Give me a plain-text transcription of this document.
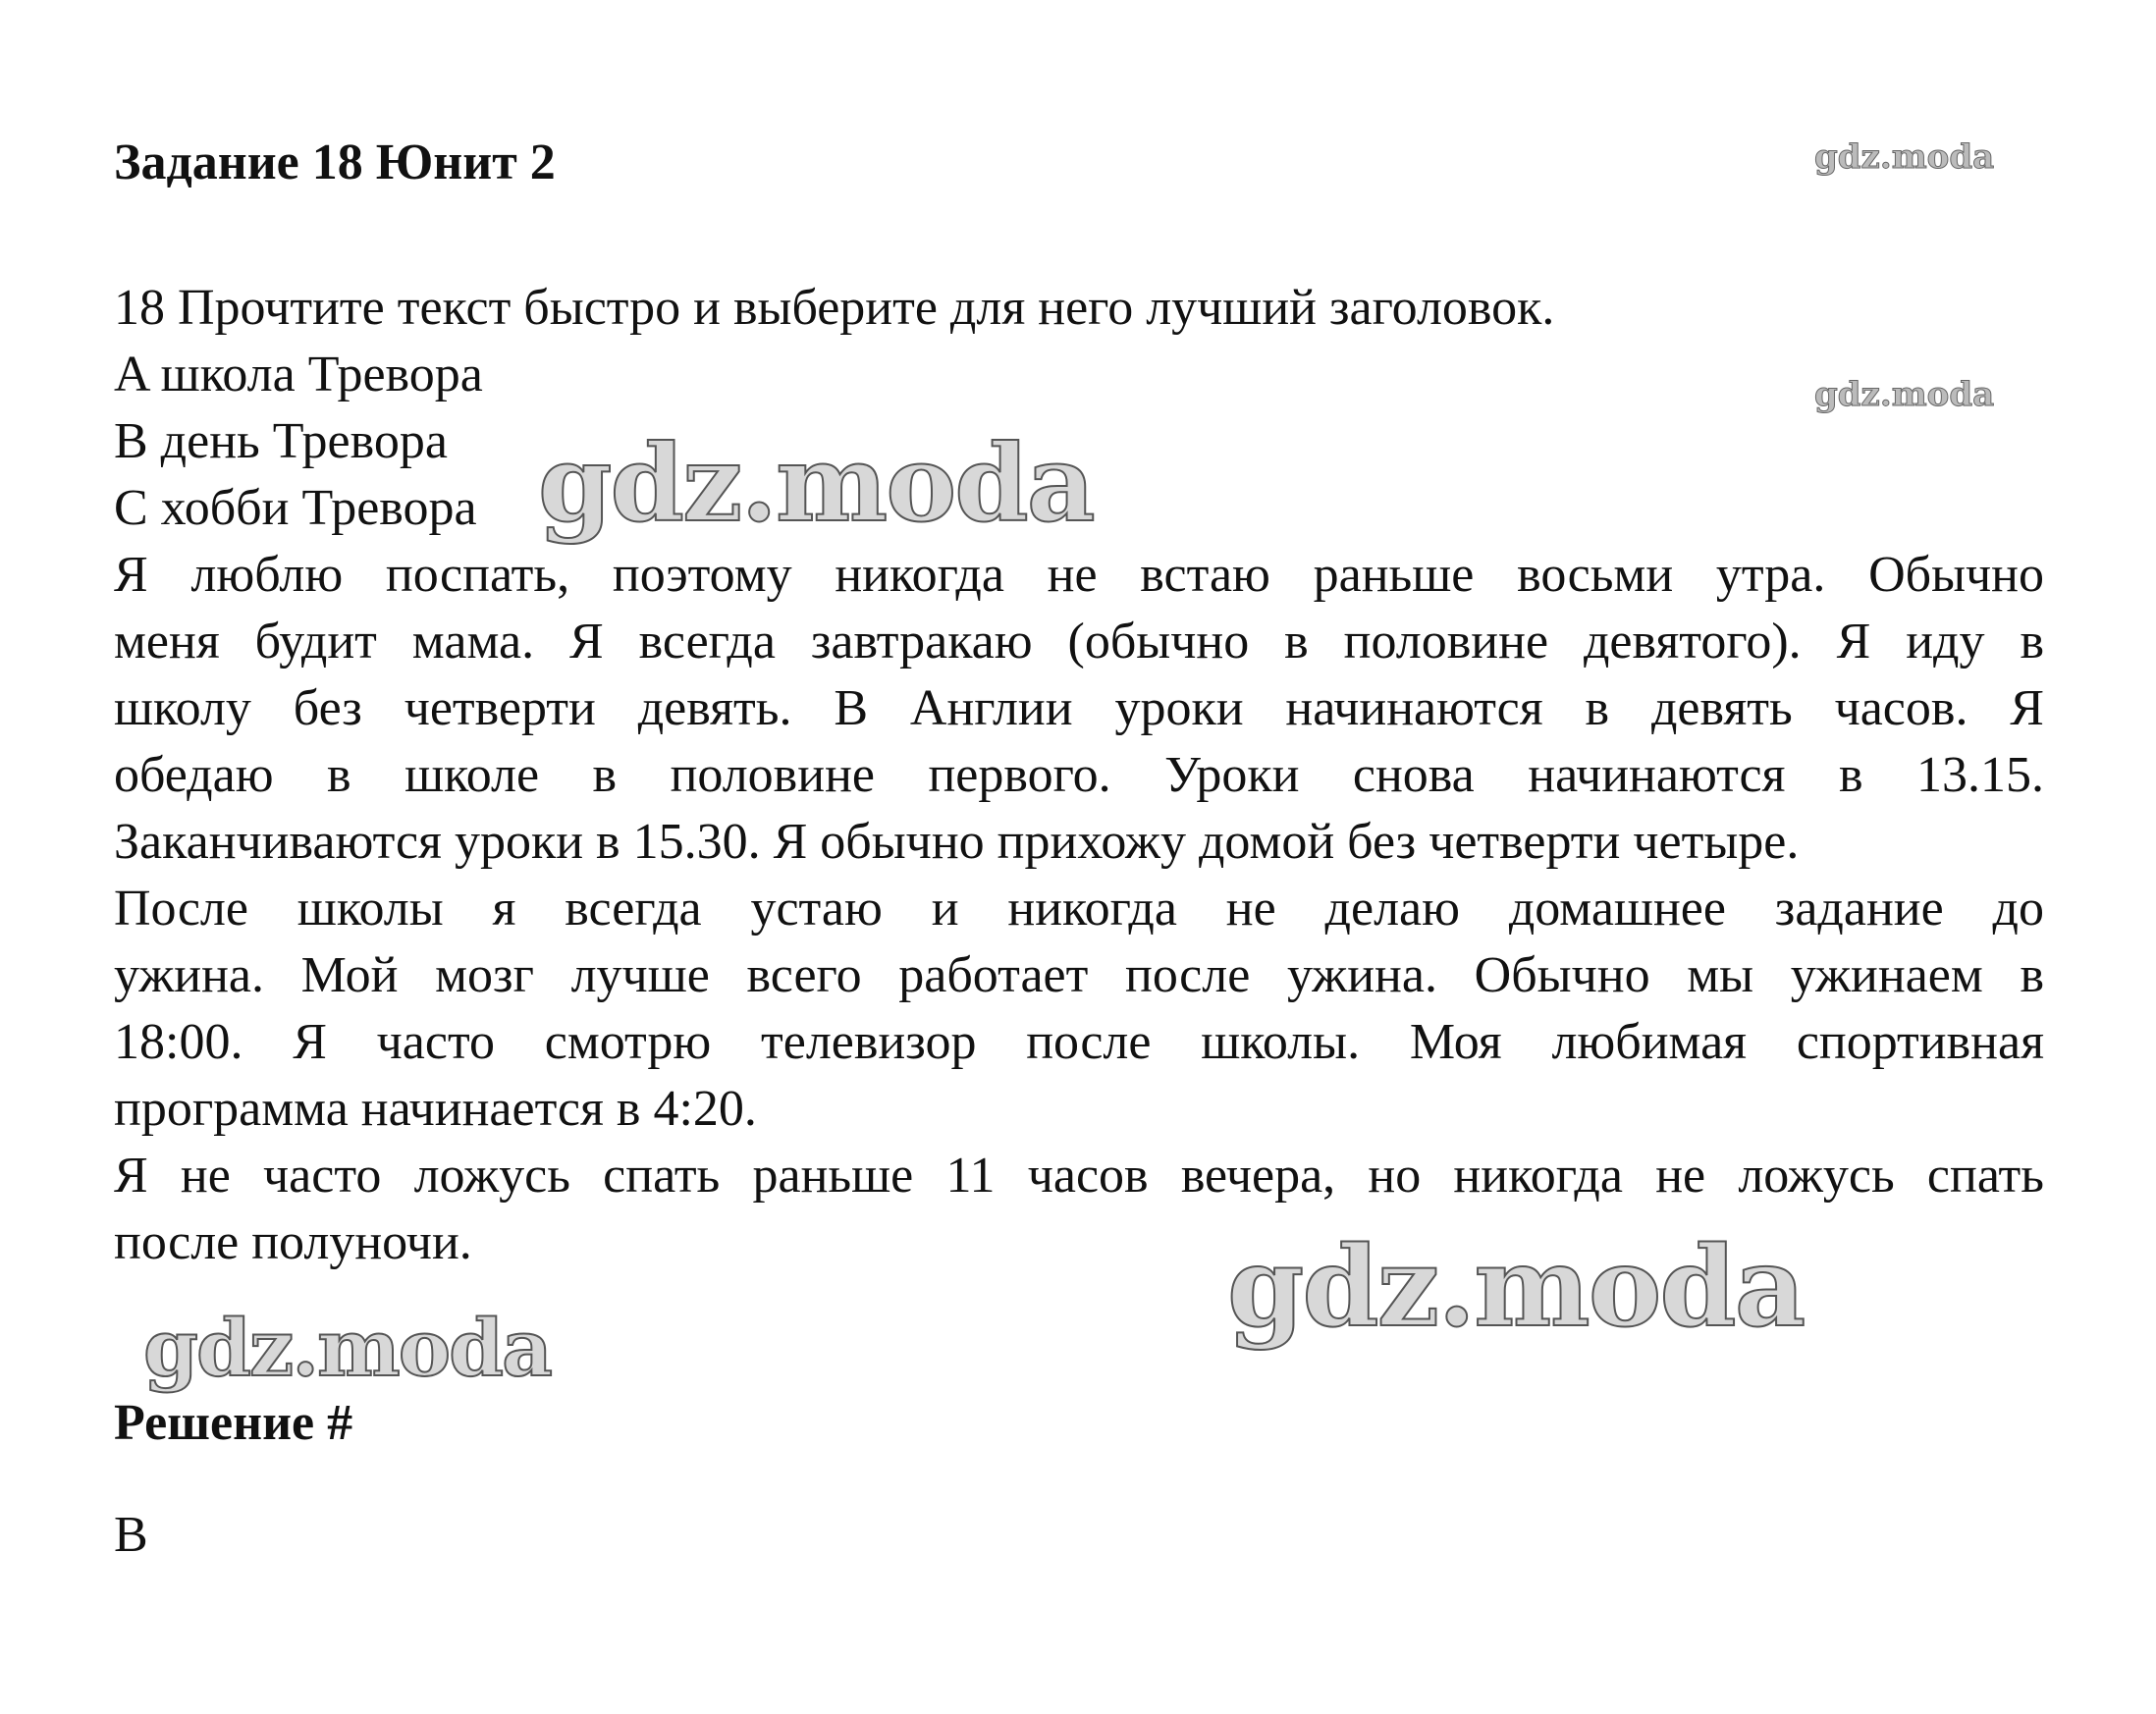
Задание 18 Юнит 2
18 Прочтите текст быстро и выберите для него лучший заголовок.
A школа Тревора
B день Тревора
C хобби Тревора
Я люблю поспать, поэтому никогда не встаю раньше восьми утра. Обычно
меня будит мама. Я всегда завтракаю (обычно в половине девятого). Я иду в
школу без четверти девять. В Англии уроки начинаются в девять часов. Я
обедаю в школе в половине первого. Уроки снова начинаются в 13.15.
Заканчиваются уроки в 15.30. Я обычно прихожу домой без четверти четыре.
После школы я всегда устаю и никогда не делаю домашнее задание до
ужина. Мой мозг лучше всего работает после ужина. Обычно мы ужинаем в
18:00. Я часто смотрю телевизор после школы. Моя любимая спортивная
программа начинается в 4:20.
Я не часто ложусь спать раньше 11 часов вечера, но никогда не ложусь спать
после полуночи.
Решение #
B
gdz.moda
gdz.moda
gdz.moda
gdz.moda
gdz.moda
